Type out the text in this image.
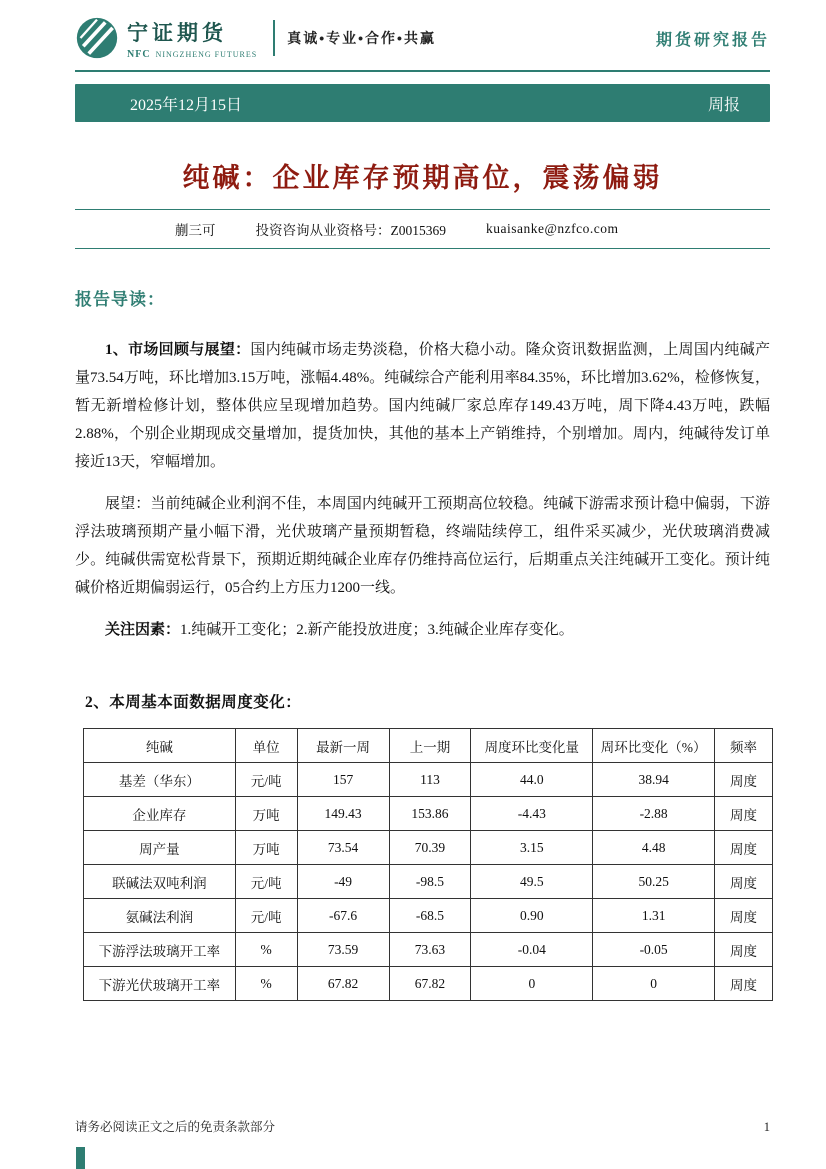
宁证期货
NFC NINGZHENG FUTURES
真诚•专业•合作•共赢	期货研究报告
2025年12月15日	周报
纯碱：企业库存预期高位，震荡偏弱
蒯三可	投资咨询从业资格号：Z0015369	kuaisanke@nzfco.com
报告导读：

1、市场回顾与展望：国内纯碱市场走势淡稳，价格大稳小动。隆众资讯数据监测，上周国内纯碱产量73.54万吨，环比增加3.15万吨，涨幅4.48%。纯碱综合产能利用率84.35%，环比增加3.62%，检修恢复，暂无新增检修计划，整体供应呈现增加趋势。国内纯碱厂家总库存149.43万吨，周下降4.43万吨，跌幅2.88%，个别企业期现成交量增加，提货加快，其他的基本上产销维持，个别增加。周内，纯碱待发订单接近13天，窄幅增加。

展望：当前纯碱企业利润不佳，本周国内纯碱开工预期高位较稳。纯碱下游需求预计稳中偏弱，下游浮法玻璃预期产量小幅下滑，光伏玻璃产量预期暂稳，终端陆续停工，组件采买减少，光伏玻璃消费减少。纯碱供需宽松背景下，预期近期纯碱企业库存仍维持高位运行，后期重点关注纯碱开工变化。预计纯碱价格近期偏弱运行，05合约上方压力1200一线。

关注因素：1.纯碱开工变化；2.新产能投放进度；3.纯碱企业库存变化。

2、本周基本面数据周度变化：
纯碱	单位	最新一周	上一期	周度环比变化量	周环比变化（%）	频率
基差（华东）	元/吨	157	113	44.0	38.94	周度
企业库存	万吨	149.43	153.86	-4.43	-2.88	周度
周产量	万吨	73.54	70.39	3.15	4.48	周度
联碱法双吨利润	元/吨	-49	-98.5	49.5	50.25	周度
氨碱法利润	元/吨	-67.6	-68.5	0.90	1.31	周度
下游浮法玻璃开工率	%	73.59	73.63	-0.04	-0.05	周度
下游光伏玻璃开工率	%	67.82	67.82	0	0	周度
请务必阅读正文之后的免责条款部分	1
